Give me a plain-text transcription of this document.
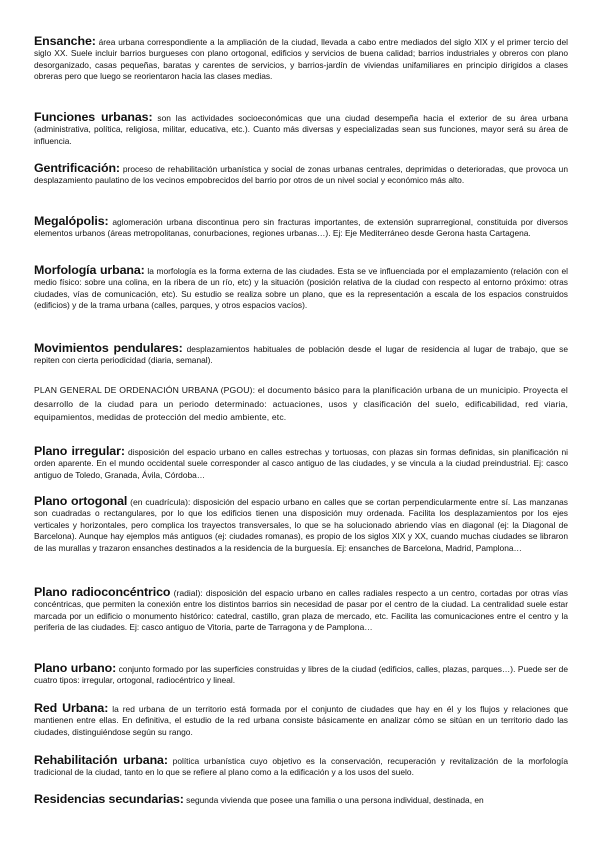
Ensanche: área urbana correspondiente a la ampliación de la ciudad, llevada a cabo entre mediados del siglo XIX y el primer tercio del siglo XX. Suele incluir barrios burgueses con plano ortogonal, edificios y servicios de buena calidad; barrios industriales y obreros con plano desorganizado, casas pequeñas, baratas y carentes de servicios, y barrios-jardín de viviendas unifamiliares en principio dirigidos a clases obreras pero que luego se reorientaron hacia las clases medias.

Funciones urbanas: son las actividades socioeconómicas que una ciudad desempeña hacia el exterior de su área urbana (administrativa, política, religiosa, militar, educativa, etc.). Cuanto más diversas y especializadas sean sus funciones, mayor será su área de influencia.

Gentrificación: proceso de rehabilitación urbanística y social de zonas urbanas centrales, deprimidas o deterioradas, que provoca un desplazamiento paulatino de los vecinos empobrecidos del barrio por otros de un nivel social y económico más alto.

Megalópolis: aglomeración urbana discontinua pero sin fracturas importantes, de extensión suprarregional, constituida por diversos elementos urbanos (áreas metropolitanas, conurbaciones, regiones urbanas…). Ej: Eje Mediterráneo desde Gerona hasta Cartagena.

Morfología urbana: la morfología es la forma externa de las ciudades. Esta se ve influenciada por el emplazamiento (relación con el medio físico: sobre una colina, en la ribera de un río, etc) y la situación (posición relativa de la ciudad con respecto al entorno próximo: otras ciudades, vías de comunicación, etc). Su estudio se realiza sobre un plano, que es la representación a escala de los espacios construidos (edificios) y de la trama urbana (calles, parques, y otros espacios vacíos).

Movimientos pendulares: desplazamientos habituales de población desde el lugar de residencia al lugar de trabajo, que se repiten con cierta periodicidad (diaria, semanal).

PLAN GENERAL DE ORDENACIÓN URBANA (PGOU): el documento básico para la planificación urbana de un municipio. Proyecta el desarrollo de la ciudad para un periodo determinado: actuaciones, usos y clasificación del suelo, edificabilidad, red viaria, equipamientos, medidas de protección del medio ambiente, etc.

Plano irregular: disposición del espacio urbano en calles estrechas y tortuosas, con plazas sin formas definidas, sin planificación ni orden aparente. En el mundo occidental suele corresponder al casco antiguo de las ciudades, y se vincula a la ciudad preindustrial. Ej: casco antiguo de Toledo, Granada, Ávila, Córdoba…

Plano ortogonal (en cuadrícula): disposición del espacio urbano en calles que se cortan perpendicularmente entre sí. Las manzanas son cuadradas o rectangulares, por lo que los edificios tienen una disposición muy ordenada. Facilita los desplazamientos por los ejes verticales y horizontales, pero complica los trayectos transversales, lo que se ha solucionado abriendo vías en diagonal (ej: la Diagonal de Barcelona). Aunque hay ejemplos más antiguos (ej: ciudades romanas), es propio de los siglos XIX y XX, cuando muchas ciudades se libraron de las murallas y trazaron ensanches destinados a la residencia de la burguesía. Ej: ensanches de Barcelona, Madrid, Pamplona…

Plano radioconcéntrico (radial): disposición del espacio urbano en calles radiales respecto a un centro, cortadas por otras vías concéntricas, que permiten la conexión entre los distintos barrios sin necesidad de pasar por el centro de la ciudad. La centralidad suele estar marcada por un edificio o monumento histórico: catedral, castillo, gran plaza de mercado, etc. Facilita las comunicaciones entre el centro y la periferia de las ciudades. Ej: casco antiguo de Vitoria, parte de Tarragona y de Pamplona…

Plano urbano: conjunto formado por las superficies construidas y libres de la ciudad (edificios, calles, plazas, parques…). Puede ser de cuatro tipos: irregular, ortogonal, radiocéntrico y lineal.

Red Urbana: la red urbana de un territorio está formada por el conjunto de ciudades que hay en él y los flujos y relaciones que mantienen entre ellas. En definitiva, el estudio de la red urbana consiste básicamente en analizar cómo se sitúan en un territorio dado las ciudades, distinguiéndose según su rango.

Rehabilitación urbana: política urbanística cuyo objetivo es la conservación, recuperación y revitalización de la morfología tradicional de la ciudad, tanto en lo que se refiere al plano como a la edificación y a los usos del suelo.

Residencias secundarias: segunda vivienda que posee una familia o una persona individual, destinada, en
